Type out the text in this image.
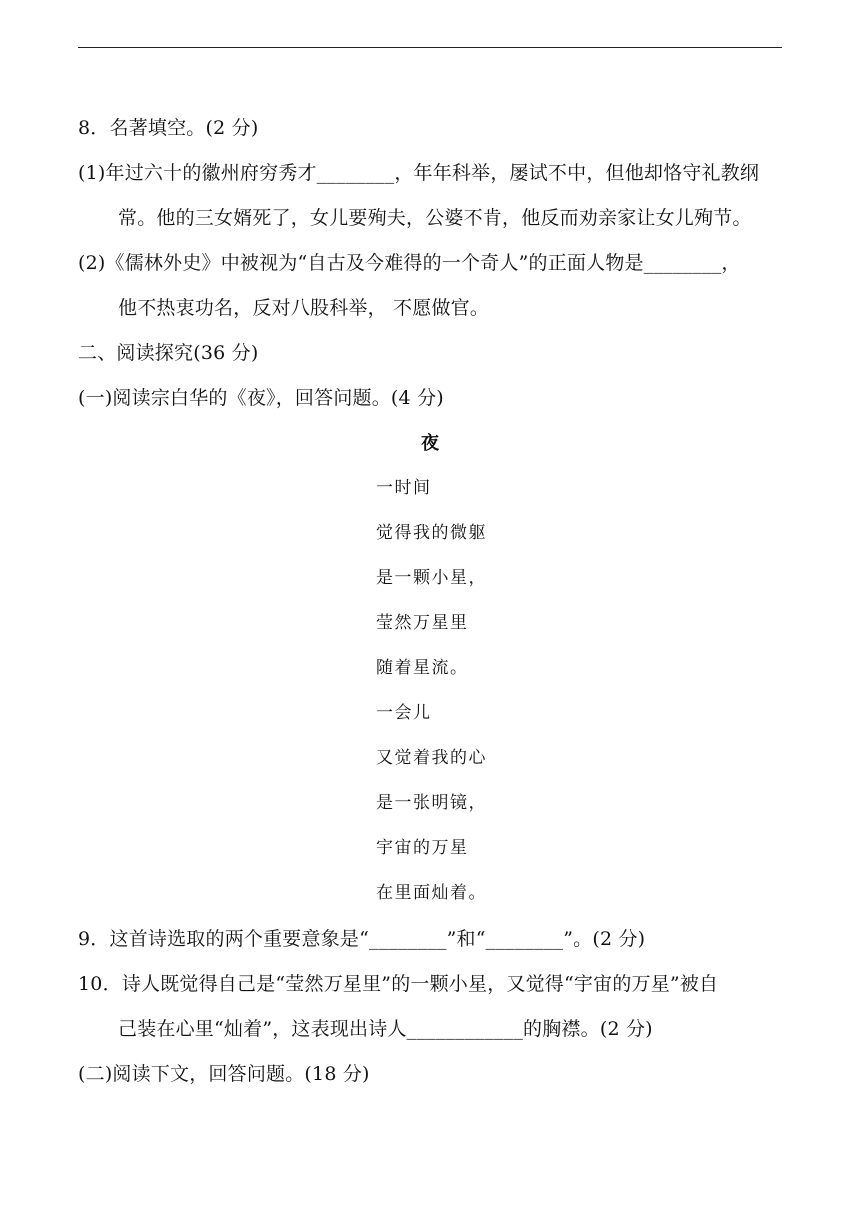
8．名著填空。(2 分)
(1)年过六十的徽州府穷秀才________，年年科举，屡试不中，但他却恪守礼教纲
常。他的三女婿死了，女儿要殉夫，公婆不肯，他反而劝亲家让女儿殉节。
(2)《儒林外史》中被视为“自古及今难得的一个奇人”的正面人物是________，
他不热衷功名，反对八股科举， 不愿做官。
二、阅读探究(36 分)
(一)阅读宗白华的《夜》，回答问题。(4 分)
夜
一时间
觉得我的微躯
是一颗小星，
莹然万星里
随着星流。
一会儿
又觉着我的心
是一张明镜，
宇宙的万星
在里面灿着。
9．这首诗选取的两个重要意象是“________”和“________”。(2 分)
10．诗人既觉得自己是“莹然万星里”的一颗小星，又觉得“宇宙的万星”被自
己装在心里“灿着”，这表现出诗人____________的胸襟。(2 分)
(二)阅读下文，回答问题。(18 分)
